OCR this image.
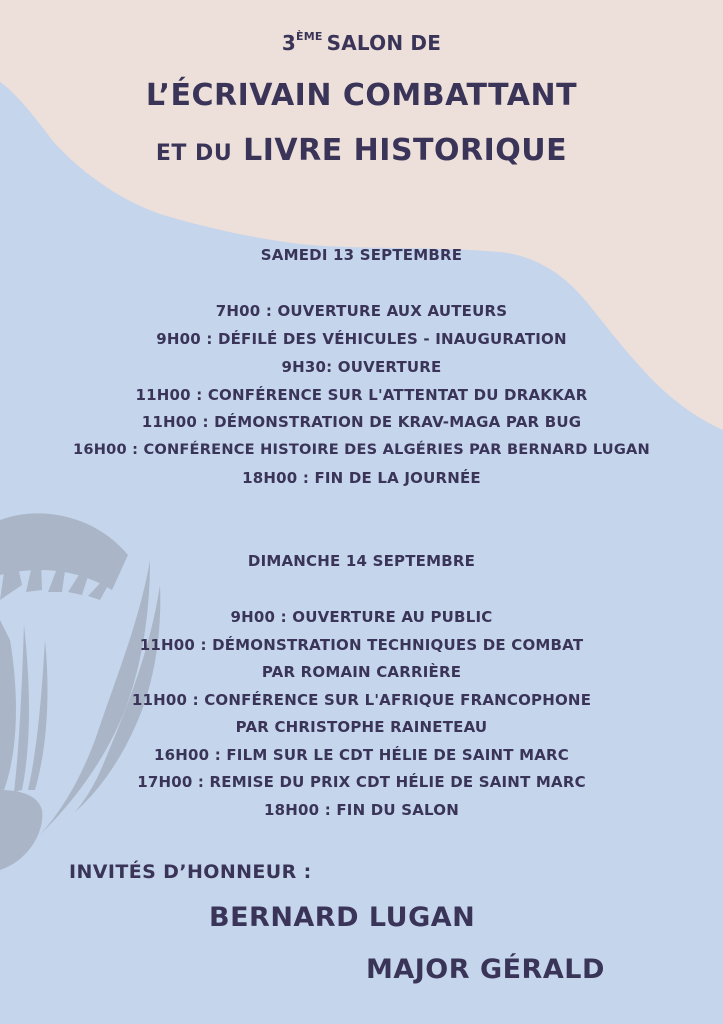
3ÈME SALON DE
L’ÉCRIVAIN COMBATTANT
ET DU LIVRE HISTORIQUE
SAMEDI 13 SEPTEMBRE
7H00 : OUVERTURE AUX AUTEURS
9H00 : DÉFILÉ DES VÉHICULES - INAUGURATION
9H30: OUVERTURE
11H00 : CONFÉRENCE SUR L'ATTENTAT DU DRAKKAR
11H00 : DÉMONSTRATION DE KRAV-MAGA PAR BUG
16H00 : CONFÉRENCE HISTOIRE DES ALGÉRIES PAR BERNARD LUGAN
18H00 : FIN DE LA JOURNÉE
DIMANCHE 14 SEPTEMBRE
9H00 : OUVERTURE AU PUBLIC
11H00 : DÉMONSTRATION TECHNIQUES DE COMBAT
PAR ROMAIN CARRIÈRE
11H00 : CONFÉRENCE SUR L'AFRIQUE FRANCOPHONE
PAR CHRISTOPHE RAINETEAU
16H00 : FILM SUR LE CDT HÉLIE DE SAINT MARC
17H00 : REMISE DU PRIX CDT HÉLIE DE SAINT MARC
18H00 : FIN DU SALON
INVITÉS D’HONNEUR :
BERNARD LUGAN
MAJOR GÉRALD
